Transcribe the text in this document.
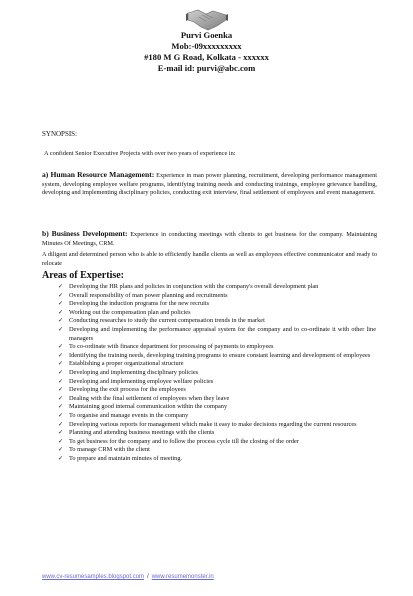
Purvi Goenka
Mob:-09xxxxxxxxx
#180 M G Road, Kolkata - xxxxxx
E-mail id: purvi@abc.com
SYNOPSIS:
A confident Senior Executive Projects with over two years of experience in:
a) Human Resource Management: Experience in man power planning, recruitment, developing performance management system, developing employee welfare programs, identifying training needs and conducting trainings, employee grievance handling, developing and implementing disciplinary policies, conducting exit interview, final settlement of employees and event management.
b) Business Development: Experience in conducting meetings with clients to get business for the company. Maintaining Minutes Of Meetings, CRM.
A diligent and determined person who is able to efficiently handle clients as well as employees effective communicator and ready to relocate
Areas of Expertise:
✓ Developing the HR plans and policies in conjunction with the company's overall development plan
✓ Overall responsibility of man power planning and recruitments
✓ Developing the induction programs for the new recruits
✓ Working out the compensation plan and policies
✓ Conducting researches to study the current compensation trends in the market
✓ Developing and implementing the performance appraisal system for the company and to co-ordinate it with other line managers
✓ To co-ordinate with finance department for processing of payments to employees
✓ Identifying the training needs, developing training programs to ensure constant learning and development of employees
✓ Establishing a proper organizational structure
✓ Developing and implementing disciplinary policies
✓ Developing and implementing employee welfare policies
✓ Developing the exit process for the employees
✓ Dealing with the final settlement of employees when they leave
✓ Maintaining good internal communication within the company
✓ To organise and manage events in the company
✓ Developing various reports for management which make it easy to make decisions regarding the current resources
✓ Planning and attending business meetings with the clients
✓ To get business for the company and to follow the process cycle till the closing of the order
✓ To manage CRM with the client
✓ To prepare and maintain minutes of meeting.
www.cv-resumesamples.blogspot.com / www.resumemonster.in
